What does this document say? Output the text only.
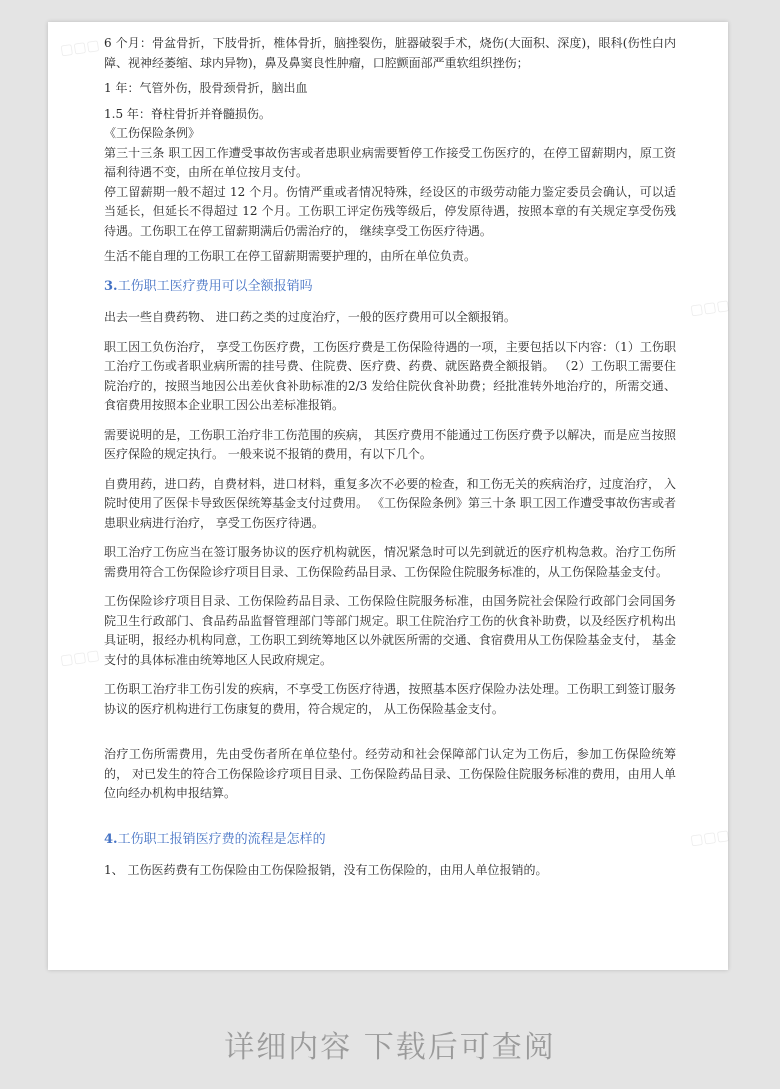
6 个月：骨盆骨折，下肢骨折，椎体骨折，脑挫裂伤，脏器破裂手术，烧伤(大面积、深度)，眼科(伤性白内障、视神经萎缩、球内异物)，鼻及鼻窦良性肿瘤，口腔颤面部严重软组织挫伤；

1 年：气管外伤，股骨颈骨折，脑出血

1.5 年：脊柱骨折并脊髓损伤。

《工伤保险条例》

第三十三条 职工因工作遭受事故伤害或者患职业病需要暂停工作接受工伤医疗的，在停工留薪期内，原工资福利待遇不变，由所在单位按月支付。

停工留薪期一般不超过 12 个月。伤情严重或者情况特殊，经设区的市级劳动能力鉴定委员会确认，可以适当延长，但延长不得超过 12 个月。工伤职工评定伤残等级后，停发原待遇，按照本章的有关规定享受伤残待遇。工伤职工在停工留薪期满后仍需治疗的， 继续享受工伤医疗待遇。

生活不能自理的工伤职工在停工留薪期需要护理的，由所在单位负责。

3.工伤职工医疗费用可以全额报销吗

出去一些自费药物、 进口药之类的过度治疗，一般的医疗费用可以全额报销。

职工因工负伤治疗， 享受工伤医疗费，工伤医疗费是工伤保险待遇的一项，主要包括以下内容：（1）工伤职工治疗工伤或者职业病所需的挂号费、住院费、医疗费、药费、就医路费全额报销。 （2）工伤职工需要住院治疗的，按照当地因公出差伙食补助标准的2/3 发给住院伙食补助费；经批准转外地治疗的，所需交通、食宿费用按照本企业职工因公出差标准报销。

需要说明的是，工伤职工治疗非工伤范围的疾病， 其医疗费用不能通过工伤医疗费予以解决，而是应当按照医疗保险的规定执行。 一般来说不报销的费用，有以下几个。

自费用药，进口药，自费材料，进口材料，重复多次不必要的检查，和工伤无关的疾病治疗，过度治疗， 入院时使用了医保卡导致医保统筹基金支付过费用。 《工伤保险条例》第三十条 职工因工作遭受事故伤害或者患职业病进行治疗， 享受工伤医疗待遇。

职工治疗工伤应当在签订服务协议的医疗机构就医，情况紧急时可以先到就近的医疗机构急救。治疗工伤所需费用符合工伤保险诊疗项目目录、工伤保险药品目录、工伤保险住院服务标准的，从工伤保险基金支付。

工伤保险诊疗项目目录、工伤保险药品目录、工伤保险住院服务标准，由国务院社会保险行政部门会同国务院卫生行政部门、食品药品监督管理部门等部门规定。职工住院治疗工伤的伙食补助费，以及经医疗机构出具证明，报经办机构同意，工伤职工到统筹地区以外就医所需的交通、食宿费用从工伤保险基金支付， 基金支付的具体标准由统筹地区人民政府规定。

工伤职工治疗非工伤引发的疾病，不享受工伤医疗待遇，按照基本医疗保险办法处理。工伤职工到签订服务协议的医疗机构进行工伤康复的费用，符合规定的， 从工伤保险基金支付。

治疗工伤所需费用，先由受伤者所在单位垫付。经劳动和社会保障部门认定为工伤后，参加工伤保险统筹的， 对已发生的符合工伤保险诊疗项目目录、工伤保险药品目录、工伤保险住院服务标准的费用，由用人单位向经办机构申报结算。

4.工伤职工报销医疗费的流程是怎样的

1、 工伤医药费有工伤保险由工伤保险报销，没有工伤保险的，由用人单位报销的。

详细内容 下载后可查阅
